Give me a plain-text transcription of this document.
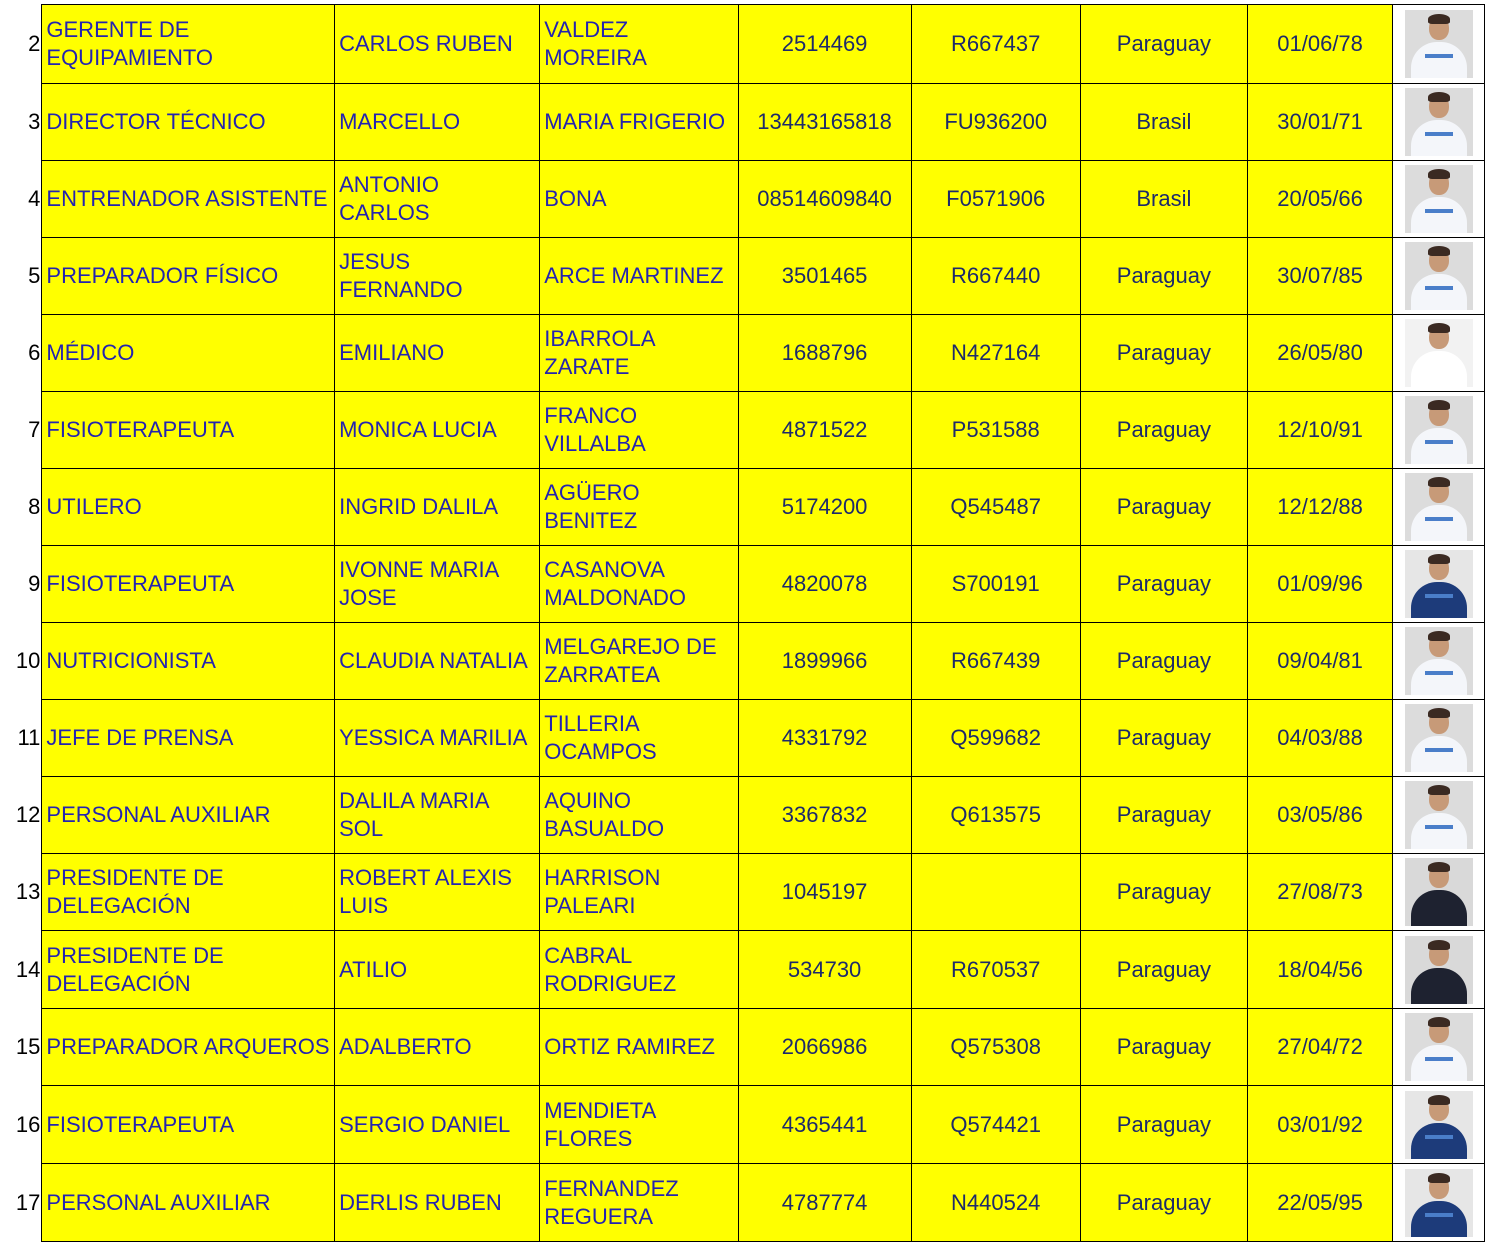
2	GERENTE DE EQUIPAMIENTO	CARLOS RUBEN	VALDEZ MOREIRA	2514469	R667437	Paraguay	01/06/78	

3	DIRECTOR TÉCNICO	MARCELLO	MARIA FRIGERIO	13443165818	FU936200	Brasil	30/01/71	

4	ENTRENADOR ASISTENTE	ANTONIO CARLOS	BONA	08514609840	F0571906	Brasil	20/05/66	

5	PREPARADOR FÍSICO	JESUS FERNANDO	ARCE MARTINEZ	3501465	R667440	Paraguay	30/07/85	

6	MÉDICO	EMILIANO	IBARROLA ZARATE	1688796	N427164	Paraguay	26/05/80	

7	FISIOTERAPEUTA	MONICA LUCIA	FRANCO VILLALBA	4871522	P531588	Paraguay	12/10/91	

8	UTILERO	INGRID DALILA	AGÜERO BENITEZ	5174200	Q545487	Paraguay	12/12/88	

9	FISIOTERAPEUTA	IVONNE MARIA JOSE	CASANOVA MALDONADO	4820078	S700191	Paraguay	01/09/96	

10	NUTRICIONISTA	CLAUDIA NATALIA	MELGAREJO DE ZARRATEA	1899966	R667439	Paraguay	09/04/81	

11	JEFE DE PRENSA	YESSICA MARILIA	TILLERIA OCAMPOS	4331792	Q599682	Paraguay	04/03/88	

12	PERSONAL AUXILIAR	DALILA MARIA SOL	AQUINO BASUALDO	3367832	Q613575	Paraguay	03/05/86	

13	PRESIDENTE DE DELEGACIÓN	ROBERT ALEXIS LUIS	HARRISON PALEARI	1045197		Paraguay	27/08/73	

14	PRESIDENTE DE DELEGACIÓN	ATILIO	CABRAL RODRIGUEZ	534730	R670537	Paraguay	18/04/56	

15	PREPARADOR ARQUEROS	ADALBERTO	ORTIZ RAMIREZ	2066986	Q575308	Paraguay	27/04/72	

16	FISIOTERAPEUTA	SERGIO DANIEL	MENDIETA FLORES	4365441	Q574421	Paraguay	03/01/92	

17	PERSONAL AUXILIAR	DERLIS RUBEN	FERNANDEZ REGUERA	4787774	N440524	Paraguay	22/05/95	
